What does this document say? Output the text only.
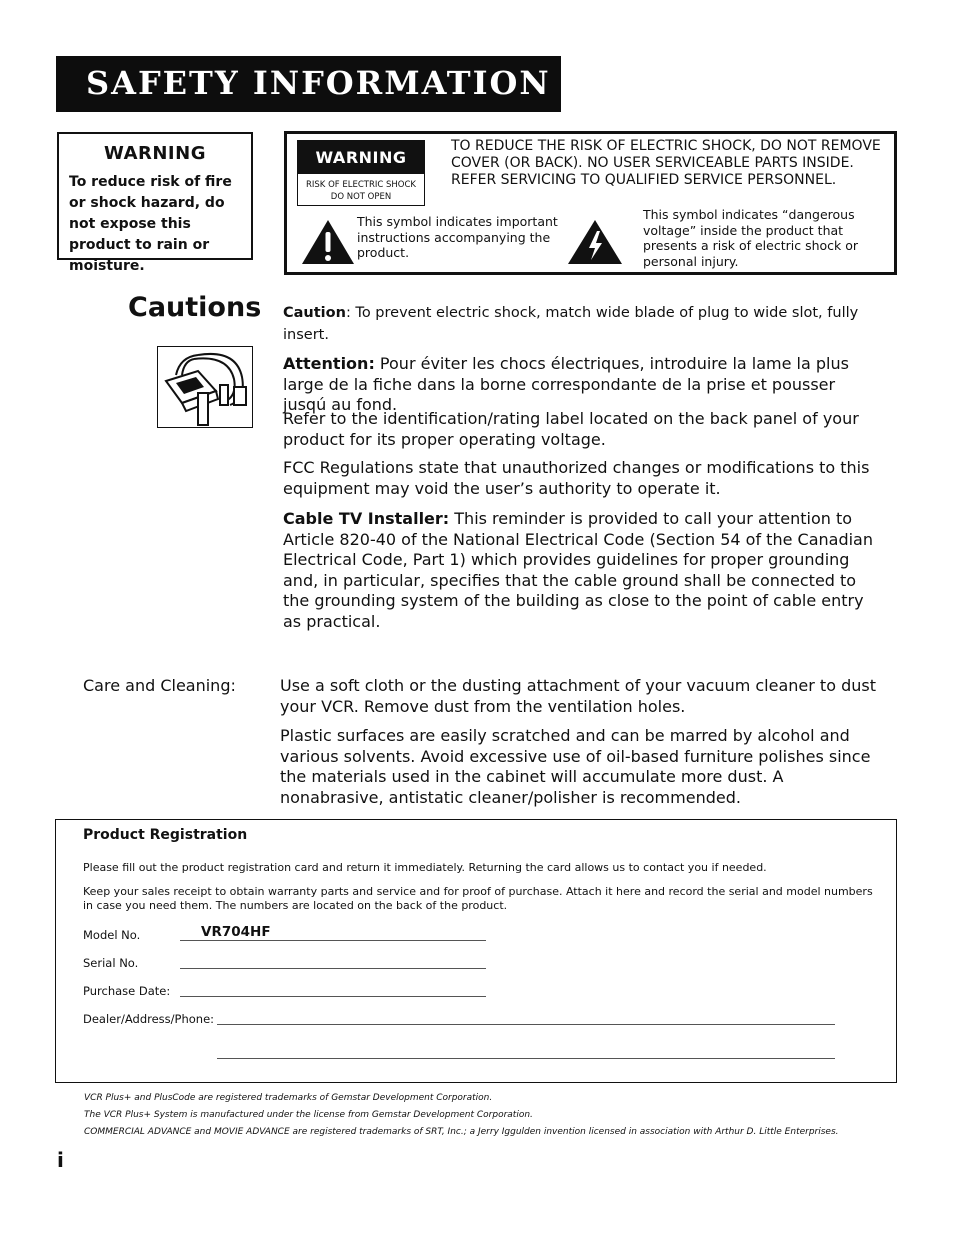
SAFETY INFORMATION
WARNING
To reduce risk of fire or shock hazard, do not expose this product to rain or moisture.
WARNING
RISK OF ELECTRIC SHOCK
DO NOT OPEN
TO REDUCE THE RISK OF ELECTRIC SHOCK, DO NOT REMOVE COVER (OR BACK). NO USER SERVICEABLE PARTS INSIDE. REFER SERVICING TO QUALIFIED SERVICE PERSONNEL.
This symbol indicates important instructions accompanying the product.
This symbol indicates “dangerous voltage” inside the product that presents a risk of electric shock or personal injury.
Cautions Caution: To prevent electric shock, match wide blade of plug to wide slot, fully insert.
Attention: Pour éviter les chocs électriques, introduire la lame la plus large de la fiche dans la borne correspondante de la prise et pousser jusqú au fond.
Refer to the identification/rating label located on the back panel of your product for its proper operating voltage.
FCC Regulations state that unauthorized changes or modifications to this equipment may void the user’s authority to operate it.
Cable TV Installer: This reminder is provided to call your attention to Article 820-40 of the National Electrical Code (Section 54 of the Canadian Electrical Code, Part 1) which provides guidelines for proper grounding and, in particular, specifies that the cable ground shall be connected to the grounding system of the building as close to the point of cable entry as practical.
Care and Cleaning:	Use a soft cloth or the dusting attachment of your vacuum cleaner to dust your VCR. Remove dust from the ventilation holes.
Plastic surfaces are easily scratched and can be marred by alcohol and various solvents. Avoid excessive use of oil-based furniture polishes since the materials used in the cabinet will accumulate more dust. A nonabrasive, antistatic cleaner/polisher is recommended.
Product Registration
Please fill out the product registration card and return it immediately. Returning the card allows us to contact you if needed.
Keep your sales receipt to obtain warranty parts and service and for proof of purchase. Attach it here and record the serial and model numbers in case you need them. The numbers are located on the back of the product.
Model No.	VR704HF
Serial No.
Purchase Date:
Dealer/Address/Phone:
VCR Plus+ and PlusCode are registered trademarks of Gemstar Development Corporation.
The VCR Plus+ System is manufactured under the license from Gemstar Development Corporation.
COMMERCIAL ADVANCE and MOVIE ADVANCE are registered trademarks of SRT, Inc.; a Jerry Iggulden invention licensed in association with Arthur D. Little Enterprises.
i
